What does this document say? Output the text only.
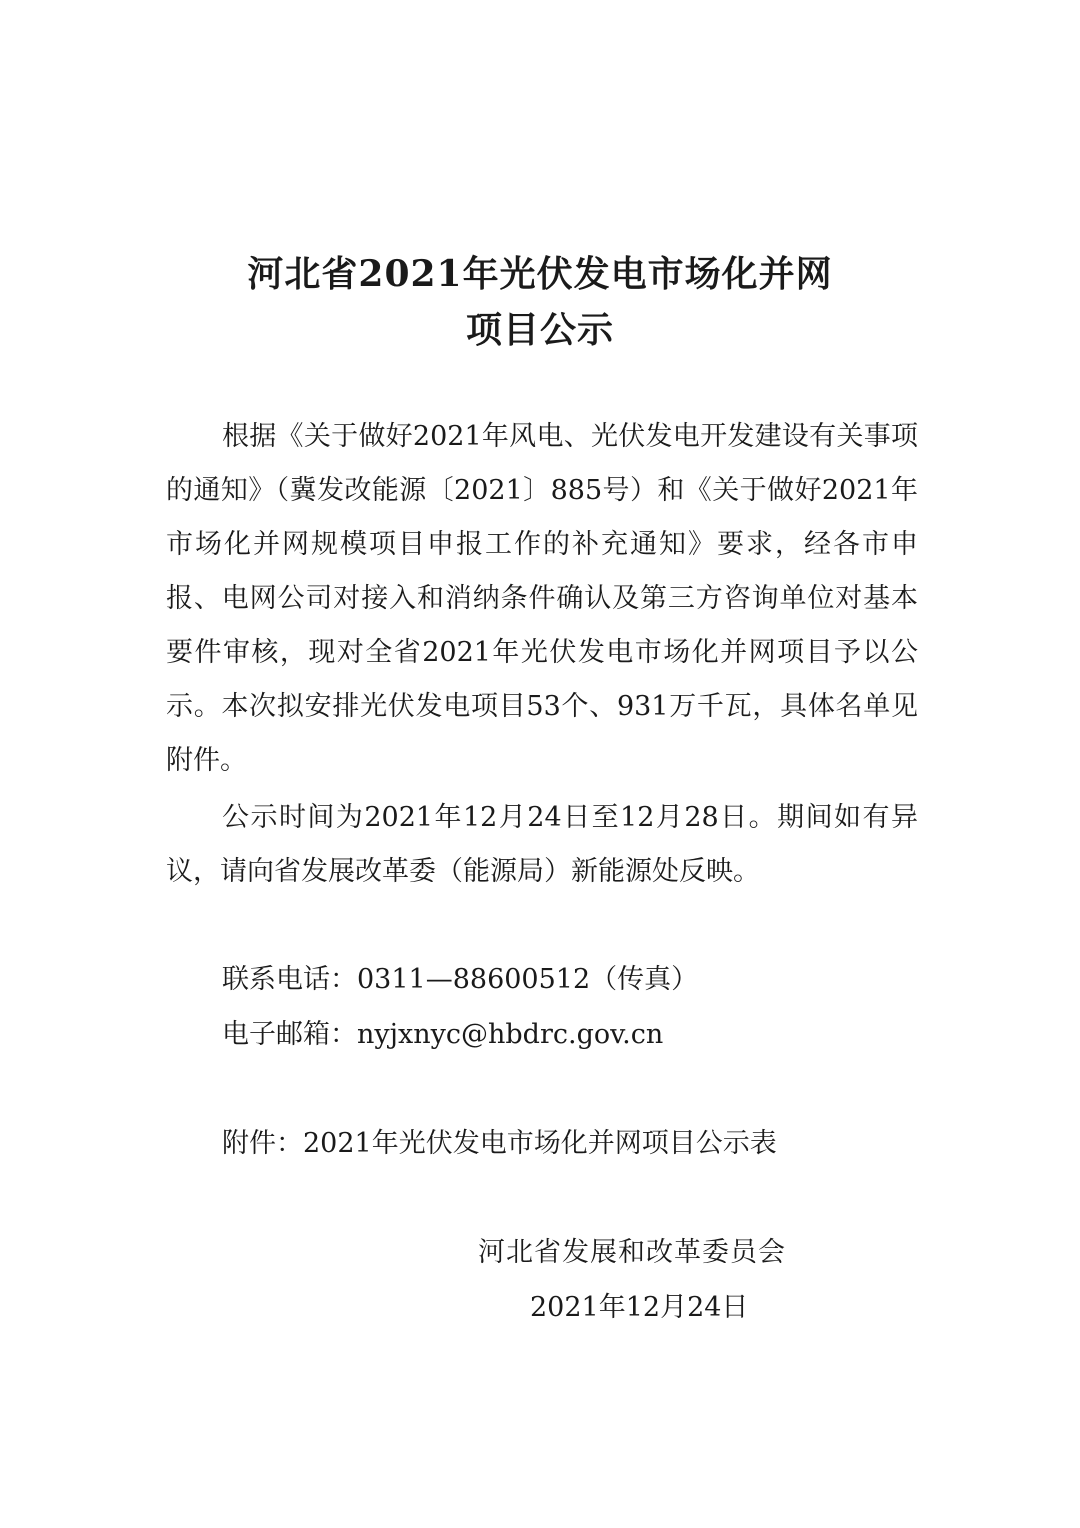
河北省2021年光伏发电市场化并网
项目公示

根据《关于做好2021年风电、光伏发电开发建设有关事项的通知》（冀发改能源〔2021〕885号）和《关于做好2021年市场化并网规模项目申报工作的补充通知》要求，经各市申报、电网公司对接入和消纳条件确认及第三方咨询单位对基本要件审核，现对全省2021年光伏发电市场化并网项目予以公示。本次拟安排光伏发电项目53个、931万千瓦，具体名单见附件。

公示时间为2021年12月24日至12月28日。期间如有异议，请向省发展改革委（能源局）新能源处反映。

联系电话：0311—88600512（传真）
电子邮箱：nyjxnyc@hbdrc.gov.cn
附件：2021年光伏发电市场化并网项目公示表
河北省发展和改革委员会
2021年12月24日
